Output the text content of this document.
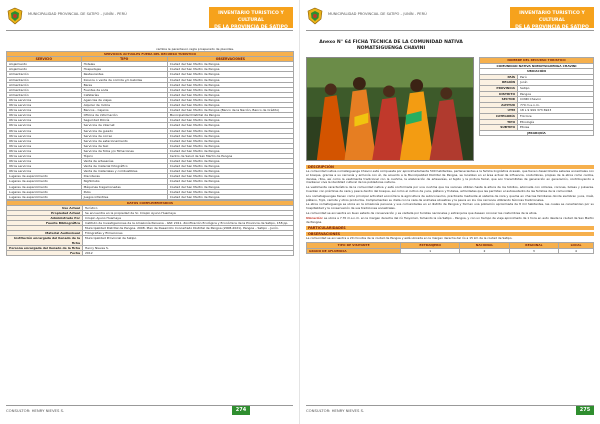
MUNICIPALIDAD PROVINCIAL DE SATIPO – JUNÍN - PERÚ	INVENTARIO TURISTICO Y CULTURAL
DE LA PROVINCIA DE SATIPO
cambia le parentesco regla prosperado de pleoides.
SERVICIOS ACTUALES FUERA DEL RECURSO TURISTICO		
SERVICIO	TIPO	OBSERVACIONES
Alojamiento	Hoteles	Ciudad del San Martin de Pangoa
Alojamiento	Hospedajes	Ciudad del San Martin de Pangoa
Alimentación	Restaurantes	Ciudad del San Martin de Pangoa
Alimentación	Kioscos o venta de comida y/o bebidas	Ciudad del San Martin de Pangoa
Alimentación	Bares	Ciudad del San Martin de Pangoa
Alimentación	Fuentes de soda	Ciudad del San Martin de Pangoa
Alimentación	Cafeterías	Ciudad del San Martin de Pangoa
Otros servicios	Agencias de viajes	Ciudad del San Martin de Pangoa
Otros servicios	Alquiler de motos	Ciudad del San Martin de Pangoa
Otros servicios	Bancos - Cajeros	Ciudad del San Martin de Pangoa (Banco de la Nación, Banco de Crédito)
Otros servicios	Oficina de información	Municipalidad Distrital de Pangoa
Otros servicios	Seguridad Policía	Ciudad del San Martin de Pangoa
Otros servicios	Servicios de internet	Ciudad del San Martin de Pangoa
Otros servicios	Servicios de guiado	Ciudad del San Martin de Pangoa
Otros servicios	Servicios de correo	Ciudad del San Martin de Pangoa
Otros servicios	Servicios de estacionamiento	Ciudad del San Martin de Pangoa
Otros servicios	Servicios de taxi	Ciudad del San Martin de Pangoa
Otros servicios	Servicios de fotos y/o filmaciones	Ciudad del San Martin de Pangoa
Otros servicios	Tópico	Centro de Salud de San Martin de Pangoa
Otros servicios	Venta de artesanías	Ciudad del San Martin de Pangoa
Otros servicios	Venta de material fotográfico	Ciudad del San Martin de Pangoa
Otros servicios	Venta de materiales y combustibles	Ciudad del San Martin de Pangoa
Lugares de esparcimiento	Discotecas	Ciudad del San Martin de Pangoa
Lugares de esparcimiento	Nightclubs	Ciudad del San Martin de Pangoa
Lugares de esparcimiento	Máquinas tragamonedas	Ciudad del San Martin de Pangoa
Lugares de esparcimiento	Pubs	Ciudad del San Martin de Pangoa
Lugares de esparcimiento	Juegos infantiles	Ciudad del San Martin de Pangoa
DATOS COMPLEMENTARIOS	
Uso Actual	Turístico
Propiedad Actual	Se encuentra en la propiedad de Sr. Crispin Ayuno Huamaya
Administrado Por	Crispin Ayuno Huamaya
Fuente Bibliográfica	Instituto de Investigaciones de la Amazonía Peruana - IIAP. 2011. Zonificación Ecológica y Económica de la Provincia de Satipo, 158 pp.
	Municipalidad Distrital de Pangoa. 2008. Plan de Desarrollo Concertado Distrital de Pangoa (2008-2021), Pangoa – Satipo – Junín.
Material Audiovisual	Fotografías y filmaciones
Institución encargada del llenado de la ficha	Municipalidad Provincial de Satipo
Persona encargada del llenado de la ficha	Henry Nieves S.
Fecha	2012
CONSULTOR: HENRY NIEVES S.	274
MUNICIPALIDAD PROVINCIAL DE SATIPO – JUNÍN - PERÚ	INVENTARIO TURISTICO Y CULTURAL
DE LA PROVINCIA DE SATIPO
Anexo N° 64 FICHA TECNICA DE LA COMUNIDAD NATIVA NOMATSIGUENGA CHAVINI
NOMBRE DEL RECURSO TURISTICO	
COMUNIDAD NATIVA NOMATSIGUENGA CHAVINI	
UBICACIÓN	
PAÍS	Perú
REGIÓN	Junín
PROVINCIA	Satipo
DISTRITO	Pangoa
SECTOR	CCNN Chavini
ALTITUD	770 m.s.n.m.
UTM	18 L 9 999 373 6923
CATEGORÍA	Folclore
TIPO	Etnología
SUBTIPO	Etnias
JERARQUÍA	
DESCRIPCIÓN
La comunidad nativa nomatsiguenga Chavini está compuesta por aproximadamente 500 habitantes, pertenecientes a la familia lingüística Arawak, que tienen desarrollados saberes ancestrales con el bosque, gracias a su cercanía y armonía con él, de acuerdo a la Municipalidad Distrital de Pangoa, se localizan en el área actual de influencia, costumbres, propias de la etnia como cantos, danzas, ritos, así como la vestimenta tradicional con la cushma, la elaboración de artesanías, el tejido y la pintura facial, que son transmitidas de generación en generación, contribuyendo a mantener viva la identidad cultural de los pobladores nativos.
La vestimenta característica de la comunidad nativa y está conformada por una cushma que los varones utilizan hasta la altura de los tobillos, adornada con collares, coronas, bolsas y pulseras. Cuentan con prácticas de caza y pesca dentro del bosque, así como el cultivo de yuca, plátano y frutales, actividades que les permiten el autosustento de las familias de la comunidad.
Los nomatsiguengas tienen como principal actividad económica la agricultura de autoconsumo, practicada mediante el sistema de roza y quema en chacras familiares donde siembran yuca, maíz, plátano, frijol, camote y otros productos. Complementan su dieta con la caza de animales silvestres y la pesca en los ríos cercanos utilizando técnicas tradicionales.
La etnia nomatsiguenga se ubica en la Amazonía peruana y sus comunidades en el distrito de Pangoa y forman una población aproximada de 8 mil habitantes, las cuales se caracterizan por su hospitalidad y la conservación de sus tradiciones ancestrales.
La comunidad se encuentra en buen estado de conservación y es visitada por turistas nacionales y extranjeros que desean conocer las costumbres de la etnia.
Ubicación: se ubica a 7.70 m.s.n.m. en la margen derecha del río Tsoyoriari, tomando la vía Satipo – Pangoa, y con un tiempo de viaje aproximado de 1 hora en auto desde la ciudad de San Martin de Pangoa.
PARTICULARIDADES
OBSERVACIONES
La comunidad se encuentra a 20 minutos de la ciudad de Pangoa y está ubicada en la margen derecha del río a 15 km de la ciudad de Satipo.
TIPO DE VISITANTE	EXTRANJERO	NACIONAL	REGIONAL	LOCAL
GRADO DE AFLUENCIA	1	2	3	4
CONSULTOR: HENRY NIEVES S.	275
